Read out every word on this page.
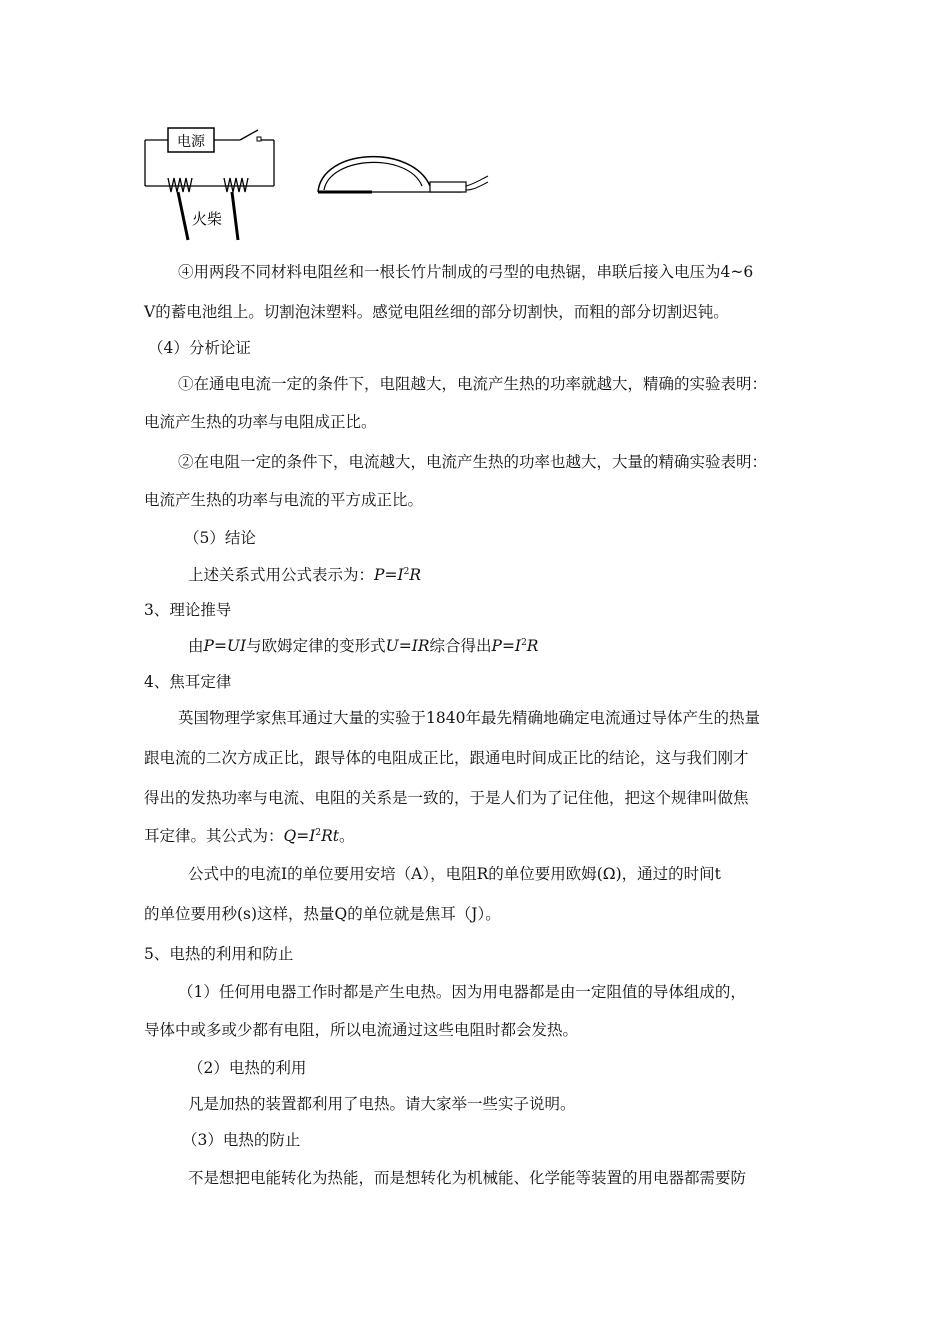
电源
火柴
④用两段不同材料电阻丝和一根长竹片制成的弓型的电热锯，串联后接入电压为4~6
V的蓄电池组上。切割泡沫塑料。感觉电阻丝细的部分切割快，而粗的部分切割迟钝。
（4）分析论证
①在通电电流一定的条件下，电阻越大，电流产生热的功率就越大，精确的实验表明：
电流产生热的功率与电阻成正比。
②在电阻一定的条件下，电流越大，电流产生热的功率也越大，大量的精确实验表明：
电流产生热的功率与电流的平方成正比。
（5）结论
上述关系式用公式表示为：$P=I^2R$
3、理论推导
由P=UI与欧姆定律的变形式U=IR综合得出$P=I^2R$
4、焦耳定律
英国物理学家焦耳通过大量的实验于1840年最先精确地确定电流通过导体产生的热量
跟电流的二次方成正比，跟导体的电阻成正比，跟通电时间成正比的结论，这与我们刚才
得出的发热功率与电流、电阻的关系是一致的，于是人们为了记住他，把这个规律叫做焦
耳定律。其公式为：$Q=I^2Rt$。
公式中的电流I的单位要用安培（A），电阻R的单位要用欧姆(Ω)，通过的时间t
的单位要用秒(s)这样，热量Q的单位就是焦耳（J）。
5、电热的利用和防止
（1）任何用电器工作时都是产生电热。因为用电器都是由一定阻值的导体组成的，
导体中或多或少都有电阻，所以电流通过这些电阻时都会发热。
（2）电热的利用
凡是加热的装置都利用了电热。请大家举一些实子说明。
（3）电热的防止
不是想把电能转化为热能，而是想转化为机械能、化学能等装置的用电器都需要防
